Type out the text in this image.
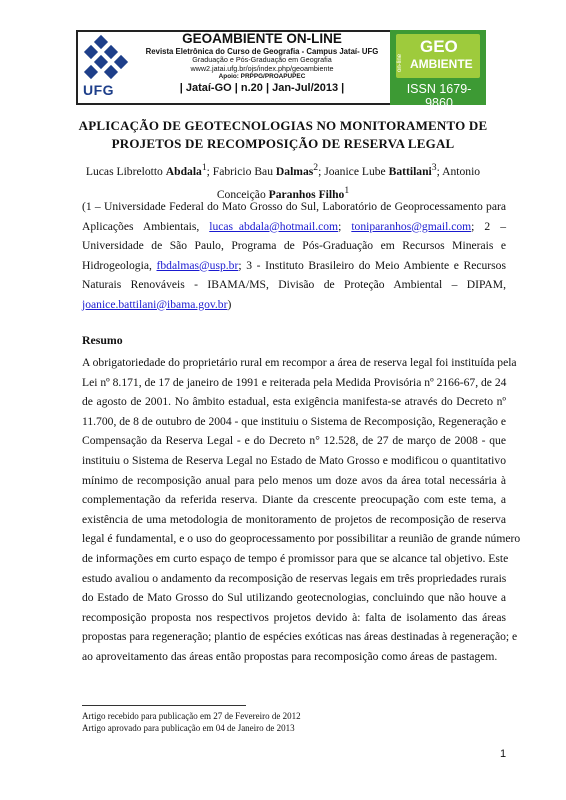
UFG
GEOAMBIENTE ON-LINE
Revista Eletrônica do Curso de Geografia - Campus Jataí- UFG
Graduação e Pós-Graduação em Geografia
www2.jatai.ufg.br/ojs/index.php/geoambiente
Apoio: PRPPG/PROAPUPEC
| Jataí-GO | n.20 | Jan-Jul/2013 |
GEO
on-line AMBIENTE
ISSN 1679-9860
APLICAÇÃO DE GEOTECNOLOGIAS NO MONITORAMENTO DE
PROJETOS DE RECOMPOSIÇÃO DE RESERVA LEGAL
Lucas Librelotto Abdala$^1$; Fabricio Bau Dalmas$^2$; Joanice Lube Battilani$^3$; Antonio
Conceição Paranhos Filho$^1$
(1 – Universidade Federal do Mato Grosso do Sul, Laboratório de Geoprocessamento para Aplicações Ambientais, lucas_abdala@hotmail.com; toniparanhos@gmail.com; 2 – Universidade de São Paulo, Programa de Pós-Graduação em Recursos Minerais e Hidrogeologia, fbdalmas@usp.br; 3 - Instituto Brasileiro do Meio Ambiente e Recursos Naturais Renováveis - IBAMA/MS, Divisão de Proteção Ambiental – DIPAM, joanice.battilani@ibama.gov.br)
Resumo
A obrigatoriedade do proprietário rural em recompor a área de reserva legal foi instituída pela
Lei nº 8.171, de 17 de janeiro de 1991 e reiterada pela Medida Provisória nº 2166-67, de 24
de agosto de 2001. No âmbito estadual, esta exigência manifesta-se através do Decreto nº
11.700, de 8 de outubro de 2004 - que instituiu o Sistema de Recomposição, Regeneração e
Compensação da Reserva Legal - e do Decreto n° 12.528, de 27 de março de 2008 - que
instituiu o Sistema de Reserva Legal no Estado de Mato Grosso e modificou o quantitativo
mínimo de recomposição anual para pelo menos um doze avos da área total necessária à
complementação da referida reserva. Diante da crescente preocupação com este tema, a
existência de uma metodologia de monitoramento de projetos de recomposição de reserva
legal é fundamental, e o uso do geoprocessamento por possibilitar a reunião de grande número
de informações em curto espaço de tempo é promissor para que se alcance tal objetivo. Este
estudo avaliou o andamento da recomposição de reservas legais em três propriedades rurais
do Estado de Mato Grosso do Sul utilizando geotecnologias, concluindo que não houve a
recomposição proposta nos respectivos projetos devido à: falta de isolamento das áreas
propostas para regeneração; plantio de espécies exóticas nas áreas destinadas à regeneração; e
ao aproveitamento das áreas então propostas para recomposição como áreas de pastagem.
Artigo recebido para publicação em 27 de Fevereiro de 2012
Artigo aprovado para publicação em 04 de Janeiro de 2013
1
